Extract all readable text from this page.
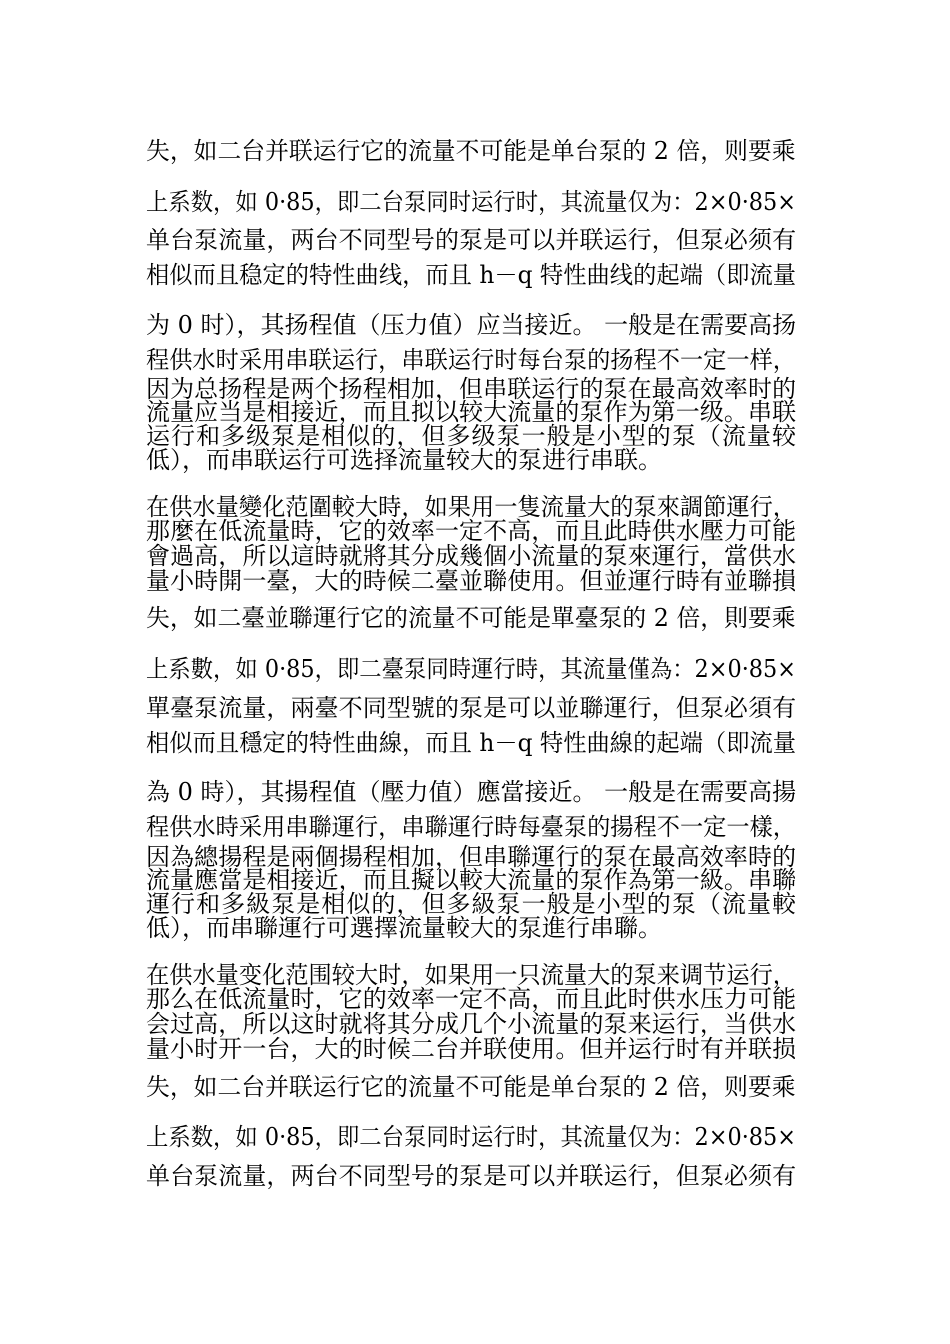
失，如二台并联运行它的流量不可能是单台泵的 2 倍，则要乘
上系数，如 0·85，即二台泵同时运行时，其流量仅为：2×0·85×
单台泵流量，两台不同型号的泵是可以并联运行，但泵必须有
相似而且稳定的特性曲线，而且 h－q 特性曲线的起端（即流量
为 0 时），其扬程值（压力值）应当接近。 一般是在需要高扬
程供水时采用串联运行，串联运行时每台泵的扬程不一定一样，
因为总扬程是两个扬程相加，但串联运行的泵在最高效率时的
流量应当是相接近，而且拟以较大流量的泵作为第一级。串联
运行和多级泵是相似的，但多级泵一般是小型的泵（流量较
低），而串联运行可选择流量较大的泵进行串联。
在供水量變化范圍較大時，如果用一隻流量大的泵來調節運行，
那麼在低流量時，它的效率一定不高，而且此時供水壓力可能
會過高，所以這時就將其分成幾個小流量的泵來運行，當供水
量小時開一臺，大的時候二臺並聯使用。但並運行時有並聯損
失，如二臺並聯運行它的流量不可能是單臺泵的 2 倍，則要乘
上系數，如 0·85，即二臺泵同時運行時，其流量僅為：2×0·85×
單臺泵流量，兩臺不同型號的泵是可以並聯運行，但泵必須有
相似而且穩定的特性曲線，而且 h－q 特性曲線的起端（即流量
為 0 時），其揚程值（壓力值）應當接近。 一般是在需要高揚
程供水時采用串聯運行，串聯運行時每臺泵的揚程不一定一樣，
因為總揚程是兩個揚程相加，但串聯運行的泵在最高效率時的
流量應當是相接近，而且擬以較大流量的泵作為第一級。串聯
運行和多級泵是相似的，但多級泵一般是小型的泵（流量較
低），而串聯運行可選擇流量較大的泵進行串聯。
在供水量变化范围较大时，如果用一只流量大的泵来调节运行，
那么在低流量时，它的效率一定不高，而且此时供水压力可能
会过高，所以这时就将其分成几个小流量的泵来运行，当供水
量小时开一台，大的时候二台并联使用。但并运行时有并联损
失，如二台并联运行它的流量不可能是单台泵的 2 倍，则要乘
上系数，如 0·85，即二台泵同时运行时，其流量仅为：2×0·85×
单台泵流量，两台不同型号的泵是可以并联运行，但泵必须有
